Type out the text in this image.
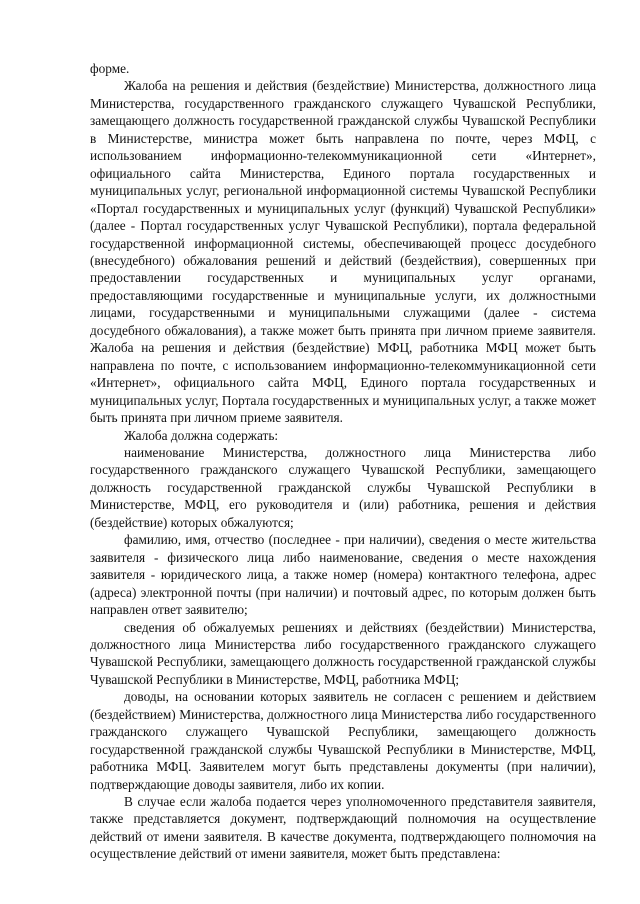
форме.

Жалоба на решения и действия (бездействие) Министерства, должностного лица Министерства, государственного гражданского служащего Чувашской Республики, замещающего должность государственной гражданской службы Чувашской Республики в Министерстве, министра может быть направлена по почте, через МФЦ, с использованием информационно-телекоммуникационной сети «Интернет», официального сайта Министерства, Единого портала государственных и муниципальных услуг, региональной информационной системы Чувашской Республики «Портал государственных и муниципальных услуг (функций) Чувашской Республики» (далее - Портал государственных услуг Чувашской Республики), портала федеральной государственной информационной системы, обеспечивающей процесс досудебного (внесудебного) обжалования решений и действий (бездействия), совершенных при предоставлении государственных и муниципальных услуг органами, предоставляющими государственные и муниципальные услуги, их должностными лицами, государственными и муниципальными служащими (далее - система досудебного обжалования), а также может быть принята при личном приеме заявителя. Жалоба на решения и действия (бездействие) МФЦ, работника МФЦ может быть направлена по почте, с использованием информационно-телекоммуникационной сети «Интернет», официального сайта МФЦ, Единого портала государственных и муниципальных услуг, Портала государственных и муниципальных услуг, а также может быть принята при личном приеме заявителя.

Жалоба должна содержать:

наименование Министерства, должностного лица Министерства либо государственного гражданского служащего Чувашской Республики, замещающего должность государственной гражданской службы Чувашской Республики в Министерстве, МФЦ, его руководителя и (или) работника, решения и действия (бездействие) которых обжалуются;

фамилию, имя, отчество (последнее - при наличии), сведения о месте жительства заявителя - физического лица либо наименование, сведения о месте нахождения заявителя - юридического лица, а также номер (номера) контактного телефона, адрес (адреса) электронной почты (при наличии) и почтовый адрес, по которым должен быть направлен ответ заявителю;

сведения об обжалуемых решениях и действиях (бездействии) Министерства, должностного лица Министерства либо государственного гражданского служащего Чувашской Республики, замещающего должность государственной гражданской службы Чувашской Республики в Министерстве, МФЦ, работника МФЦ;

доводы, на основании которых заявитель не согласен с решением и действием (бездействием) Министерства, должностного лица Министерства либо государственного гражданского служащего Чувашской Республики, замещающего должность государственной гражданской службы Чувашской Республики в Министерстве, МФЦ, работника МФЦ. Заявителем могут быть представлены документы (при наличии), подтверждающие доводы заявителя, либо их копии.

В случае если жалоба подается через уполномоченного представителя заявителя, также представляется документ, подтверждающий полномочия на осуществление действий от имени заявителя. В качестве документа, подтверждающего полномочия на осуществление действий от имени заявителя, может быть представлена:
